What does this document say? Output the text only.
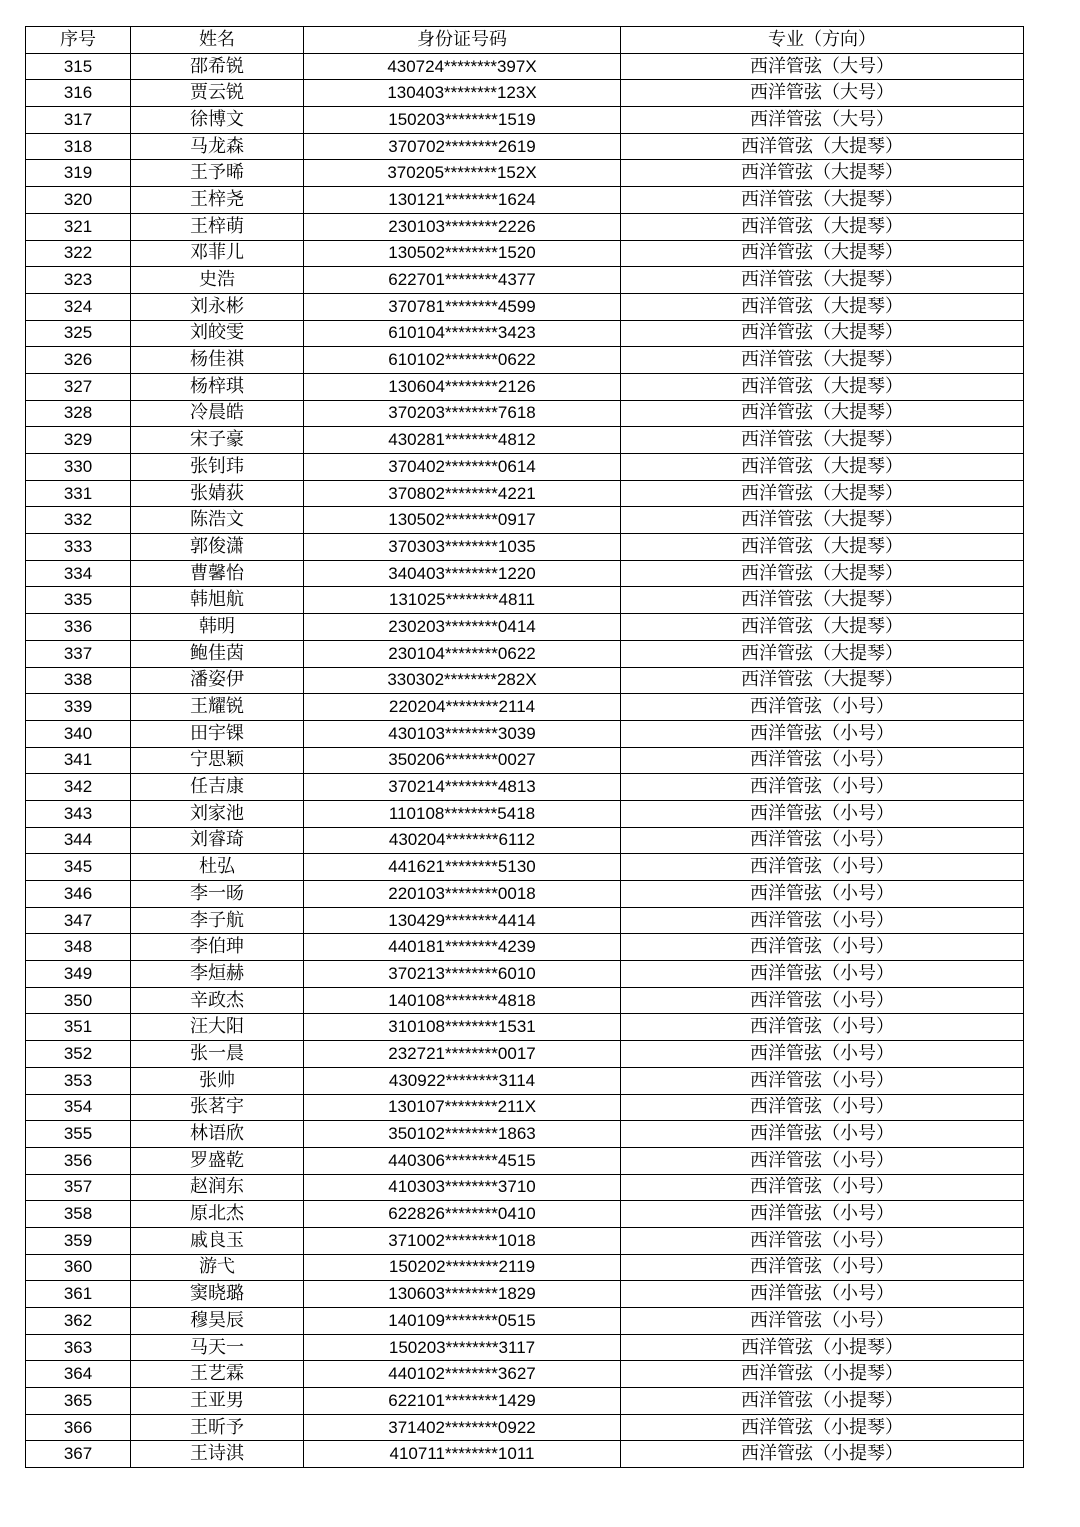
序号	姓名	身份证号码	专业（方向）
315	邵希锐	430724********397X	西洋管弦（大号）
316	贾云锐	130403********123X	西洋管弦（大号）
317	徐博文	150203********1519	西洋管弦（大号）
318	马龙森	370702********2619	西洋管弦（大提琴）
319	王予晞	370205********152X	西洋管弦（大提琴）
320	王梓尧	130121********1624	西洋管弦（大提琴）
321	王梓萌	230103********2226	西洋管弦（大提琴）
322	邓菲儿	130502********1520	西洋管弦（大提琴）
323	史浩	622701********4377	西洋管弦（大提琴）
324	刘永彬	370781********4599	西洋管弦（大提琴）
325	刘皎雯	610104********3423	西洋管弦（大提琴）
326	杨佳祺	610102********0622	西洋管弦（大提琴）
327	杨梓琪	130604********2126	西洋管弦（大提琴）
328	冷晨皓	370203********7618	西洋管弦（大提琴）
329	宋子豪	430281********4812	西洋管弦（大提琴）
330	张钊玮	370402********0614	西洋管弦（大提琴）
331	张婧荻	370802********4221	西洋管弦（大提琴）
332	陈浩文	130502********0917	西洋管弦（大提琴）
333	郭俊潇	370303********1035	西洋管弦（大提琴）
334	曹馨怡	340403********1220	西洋管弦（大提琴）
335	韩旭航	131025********4811	西洋管弦（大提琴）
336	韩明	230203********0414	西洋管弦（大提琴）
337	鲍佳茵	230104********0622	西洋管弦（大提琴）
338	潘姿伊	330302********282X	西洋管弦（大提琴）
339	王耀锐	220204********2114	西洋管弦（小号）
340	田宇锞	430103********3039	西洋管弦（小号）
341	宁思颖	350206********0027	西洋管弦（小号）
342	任吉康	370214********4813	西洋管弦（小号）
343	刘家池	110108********5418	西洋管弦（小号）
344	刘睿琦	430204********6112	西洋管弦（小号）
345	杜弘	441621********5130	西洋管弦（小号）
346	李一旸	220103********0018	西洋管弦（小号）
347	李子航	130429********4414	西洋管弦（小号）
348	李伯珅	440181********4239	西洋管弦（小号）
349	李烜赫	370213********6010	西洋管弦（小号）
350	辛政杰	140108********4818	西洋管弦（小号）
351	汪大阳	310108********1531	西洋管弦（小号）
352	张一晨	232721********0017	西洋管弦（小号）
353	张帅	430922********3114	西洋管弦（小号）
354	张茗宇	130107********211X	西洋管弦（小号）
355	林语欣	350102********1863	西洋管弦（小号）
356	罗盛乾	440306********4515	西洋管弦（小号）
357	赵润东	410303********3710	西洋管弦（小号）
358	原北杰	622826********0410	西洋管弦（小号）
359	戚良玉	371002********1018	西洋管弦（小号）
360	游弋	150202********2119	西洋管弦（小号）
361	窦晓璐	130603********1829	西洋管弦（小号）
362	穆昊辰	140109********0515	西洋管弦（小号）
363	马天一	150203********3117	西洋管弦（小提琴）
364	王艺霖	440102********3627	西洋管弦（小提琴）
365	王亚男	622101********1429	西洋管弦（小提琴）
366	王昕予	371402********0922	西洋管弦（小提琴）
367	王诗淇	410711********1011	西洋管弦（小提琴）
